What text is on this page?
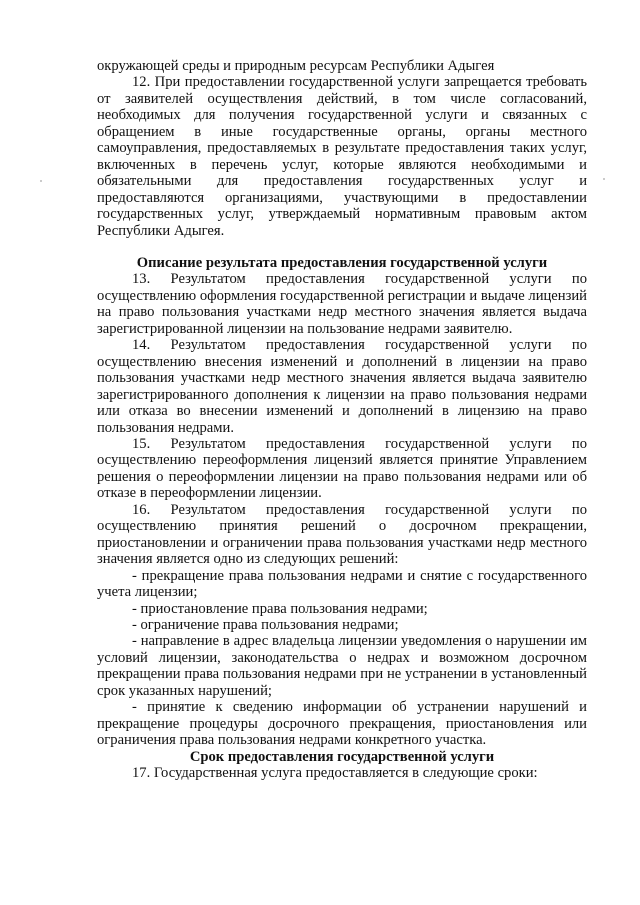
окружающей среды и природным ресурсам Республики Адыгея

12. При предоставлении государственной услуги запрещается требовать от заявителей осуществления действий, в том числе согласований, необходимых для получения государственной услуги и связанных с обращением в иные государственные органы, органы местного самоуправления, предоставляемых в результате предоставления таких услуг, включенных в перечень услуг, которые являются необходимыми и обязательными для предоставления государственных услуг и предоставляются организациями, участвующими в предоставлении государственных услуг, утверждаемый нормативным правовым актом Республики Адыгея.

Описание результата предоставления государственной услуги

13. Результатом предоставления государственной услуги по осуществлению оформления государственной регистрации и выдаче лицензий на право пользования участками недр местного значения является выдача зарегистрированной лицензии на пользование недрами заявителю.

14. Результатом предоставления государственной услуги по осуществлению внесения изменений и дополнений в лицензии на право пользования участками недр местного значения является выдача заявителю зарегистрированного дополнения к лицензии на право пользования недрами или отказа во внесении изменений и дополнений в лицензию на право пользования недрами.

15. Результатом предоставления государственной услуги по осуществлению переоформления лицензий является принятие Управлением решения о переоформлении лицензии на право пользования недрами или об отказе в переоформлении лицензии.

16. Результатом предоставления государственной услуги по осуществлению принятия решений о досрочном прекращении, приостановлении и ограничении права пользования участками недр местного значения является одно из следующих решений:

- прекращение права пользования недрами и снятие с государственного учета лицензии;

- приостановление права пользования недрами;

- ограничение права пользования недрами;

- направление в адрес владельца лицензии уведомления о нарушении им условий лицензии, законодательства о недрах и возможном досрочном прекращении права пользования недрами при не устранении в установленный срок указанных нарушений;

- принятие к сведению информации об устранении нарушений и прекращение процедуры досрочного прекращения, приостановления или ограничения права пользования недрами конкретного участка.

Срок предоставления государственной услуги

17. Государственная услуга предоставляется в следующие сроки:
